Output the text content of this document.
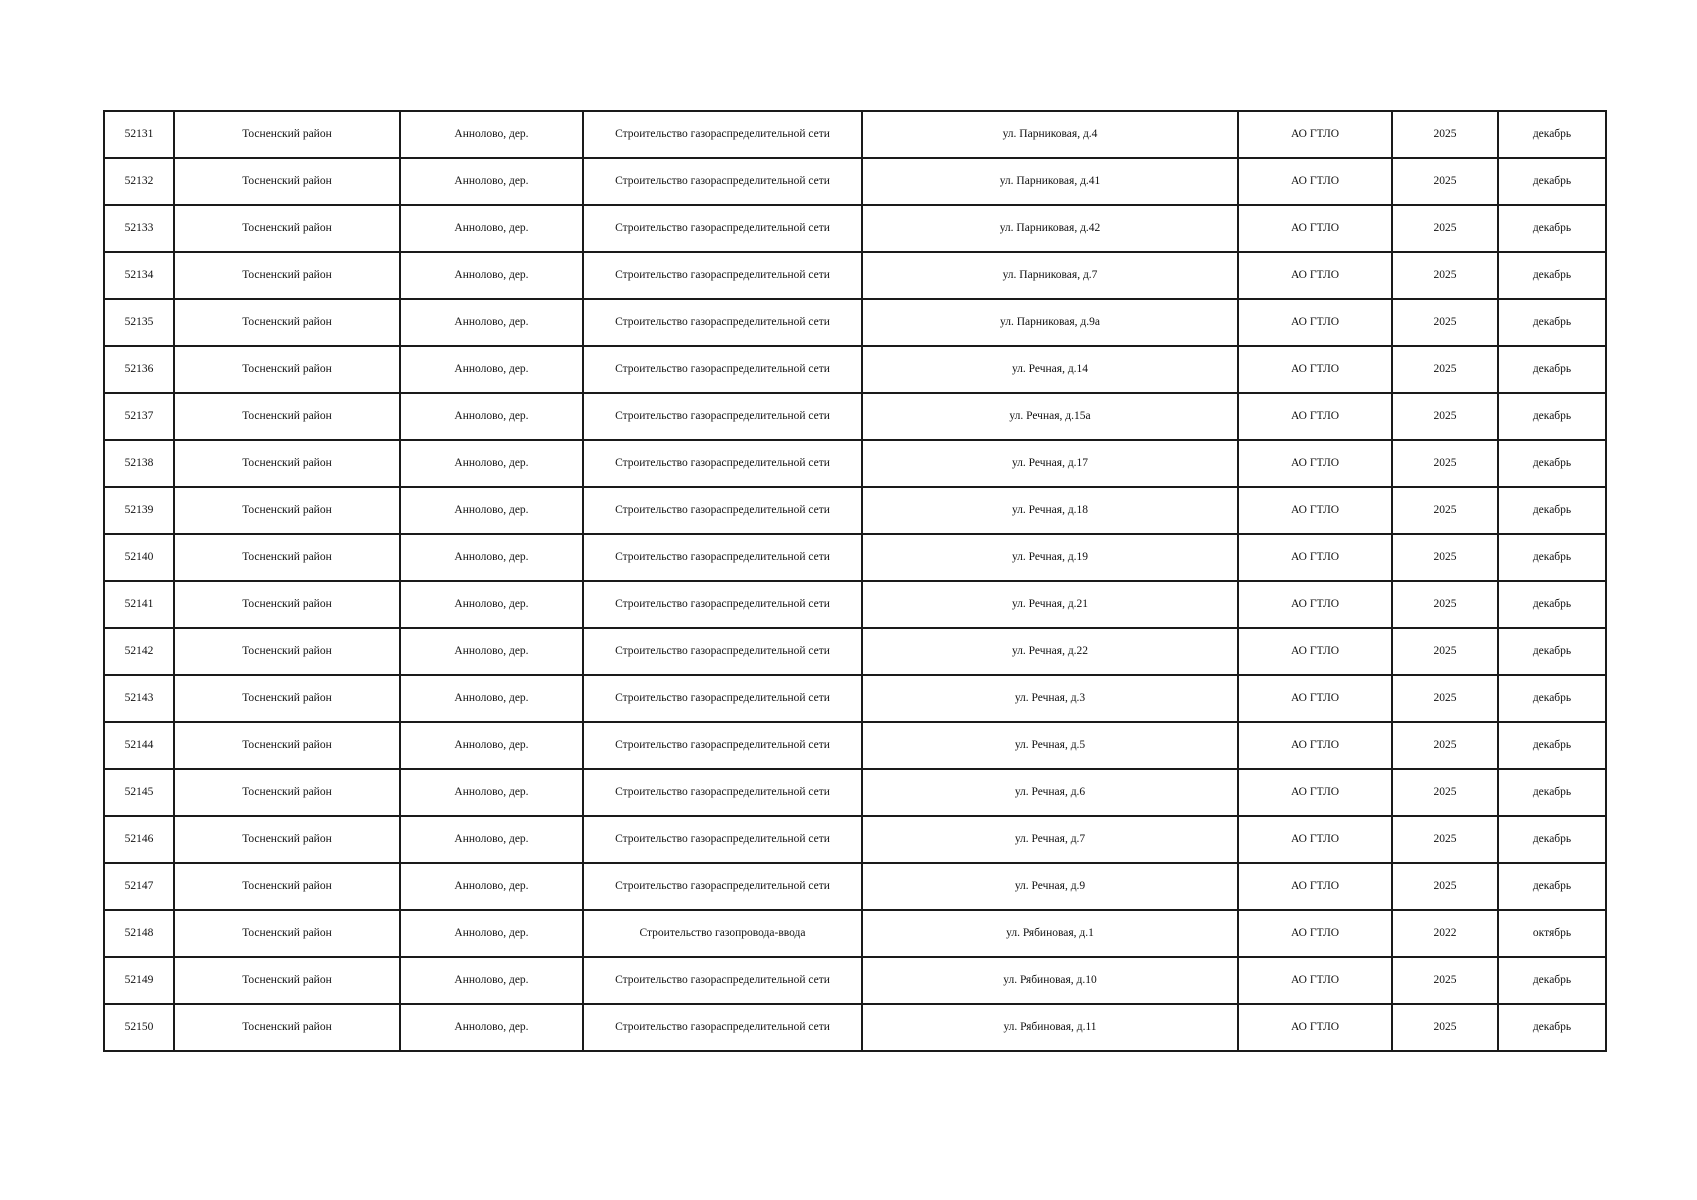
52131	Тосненский район	Аннолово, дер.	Строительство газораспределительной сети	ул. Парниковая, д.4	АО ГТЛО	2025	декабрь
52132	Тосненский район	Аннолово, дер.	Строительство газораспределительной сети	ул. Парниковая, д.41	АО ГТЛО	2025	декабрь
52133	Тосненский район	Аннолово, дер.	Строительство газораспределительной сети	ул. Парниковая, д.42	АО ГТЛО	2025	декабрь
52134	Тосненский район	Аннолово, дер.	Строительство газораспределительной сети	ул. Парниковая, д.7	АО ГТЛО	2025	декабрь
52135	Тосненский район	Аннолово, дер.	Строительство газораспределительной сети	ул. Парниковая, д.9а	АО ГТЛО	2025	декабрь
52136	Тосненский район	Аннолово, дер.	Строительство газораспределительной сети	ул. Речная, д.14	АО ГТЛО	2025	декабрь
52137	Тосненский район	Аннолово, дер.	Строительство газораспределительной сети	ул. Речная, д.15а	АО ГТЛО	2025	декабрь
52138	Тосненский район	Аннолово, дер.	Строительство газораспределительной сети	ул. Речная, д.17	АО ГТЛО	2025	декабрь
52139	Тосненский район	Аннолово, дер.	Строительство газораспределительной сети	ул. Речная, д.18	АО ГТЛО	2025	декабрь
52140	Тосненский район	Аннолово, дер.	Строительство газораспределительной сети	ул. Речная, д.19	АО ГТЛО	2025	декабрь
52141	Тосненский район	Аннолово, дер.	Строительство газораспределительной сети	ул. Речная, д.21	АО ГТЛО	2025	декабрь
52142	Тосненский район	Аннолово, дер.	Строительство газораспределительной сети	ул. Речная, д.22	АО ГТЛО	2025	декабрь
52143	Тосненский район	Аннолово, дер.	Строительство газораспределительной сети	ул. Речная, д.3	АО ГТЛО	2025	декабрь
52144	Тосненский район	Аннолово, дер.	Строительство газораспределительной сети	ул. Речная, д.5	АО ГТЛО	2025	декабрь
52145	Тосненский район	Аннолово, дер.	Строительство газораспределительной сети	ул. Речная, д.6	АО ГТЛО	2025	декабрь
52146	Тосненский район	Аннолово, дер.	Строительство газораспределительной сети	ул. Речная, д.7	АО ГТЛО	2025	декабрь
52147	Тосненский район	Аннолово, дер.	Строительство газораспределительной сети	ул. Речная, д.9	АО ГТЛО	2025	декабрь
52148	Тосненский район	Аннолово, дер.	Строительство газопровода-ввода	ул. Рябиновая, д.1	АО ГТЛО	2022	октябрь
52149	Тосненский район	Аннолово, дер.	Строительство газораспределительной сети	ул. Рябиновая, д.10	АО ГТЛО	2025	декабрь
52150	Тосненский район	Аннолово, дер.	Строительство газораспределительной сети	ул. Рябиновая, д.11	АО ГТЛО	2025	декабрь
